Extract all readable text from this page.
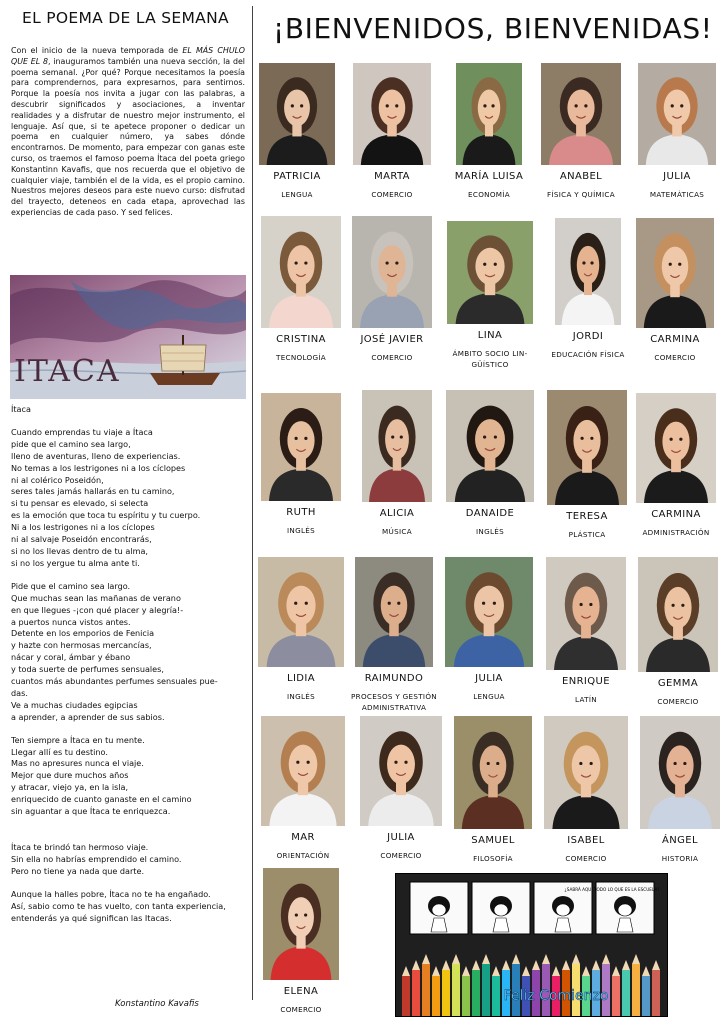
EL POEMA DE LA SEMANA
Con el inicio de la nueva temporada de EL MÁS CHULO QUE EL 8, inauguramos también una nueva sección, la del poema semanal. ¿Por qué? Porque necesitamos la poesía para comprendernos, para expresarnos, para sentirnos. Porque la poesía nos invita a jugar con las palabras, a descubrir significados y asociaciones, a inventar realidades y a disfrutar de nuestro mejor instrumento, el lenguaje. Así que, si te apetece proponer o dedicar un poema en cualquier número, ya sabes dónde encontrarnos. De momento, para empezar con ganas este curso, os traemos el famoso poema Ítaca del poeta griego Konstantinn Kavafis, que nos recuerda que el objetivo de cualquier viaje, también el de la vida, es el propio camino. Nuestros mejores deseos para este nuevo curso: disfrutad del trayecto, deteneos en cada etapa, aprovechad las experiencias de cada paso. Y sed felices.
ITACA
Ítaca
Cuando emprendas tu viaje a Ítaca
pide que el camino sea largo,
lleno de aventuras, lleno de experiencias.
No temas a los lestrigones ni a los cíclopes
ni al colérico Poseidón,
seres tales jamás hallarás en tu camino,
si tu pensar es elevado, si selecta
es la emoción que toca tu espíritu y tu cuerpo.
Ni a los lestrigones ni a los cíclopes
ni al salvaje Poseidón encontrarás,
si no los llevas dentro de tu alma,
si no los yergue tu alma ante ti.
Pide que el camino sea largo.
Que muchas sean las mañanas de verano
en que llegues -¡con qué placer y alegría!-
a puertos nunca vistos antes.
Detente en los emporios de Fenicia
y hazte con hermosas mercancías,
nácar y coral, ámbar y ébano
y toda suerte de perfumes sensuales,
cuantos más abundantes perfumes sensuales pue-
das.
Ve a muchas ciudades egipcias
a aprender, a aprender de sus sabios.
Ten siempre a Ítaca en tu mente.
Llegar allí es tu destino.
Mas no apresures nunca el viaje.
Mejor que dure muchos años
y atracar, viejo ya, en la isla,
enriquecido de cuanto ganaste en el camino
sin aguantar a que Ítaca te enriquezca.
Ítaca te brindó tan hermoso viaje.
Sin ella no habrías emprendido el camino.
Pero no tiene ya nada que darte.
Aunque la halles pobre, Ítaca no te ha engañado.
Así, sabio como te has vuelto, con tanta experiencia,
entenderás ya qué significan las Itacas.
Konstantino Kavafis
¡BIENVENIDOS, BIENVENIDAS!
PATRICIA
LENGUA
MARTA
COMERCIO
MARÍA LUISA
ECONOMÍA
ANABEL
FÍSICA Y QUÍMICA
JULIA
MATEMÁTICAS
CRISTINA
TECNOLOGÍA
JOSÉ JAVIER
COMERCIO
LINA
ÁMBITO SOCIO LIN-
GÜÍSTICO
JORDI
EDUCACIÓN FÍSICA
CARMINA
COMERCIO
RUTH
INGLÉS
ALICIA
MÚSICA
DANAIDE
INGLÉS
TERESA
PLÁSTICA
CARMINA
ADMINISTRACIÓN
LIDIA
INGLÉS
RAIMUNDO
PROCESOS Y GESTIÓN
ADMINISTRATIVA
JULIA
LENGUA
ENRIQUE
LATÍN
GEMMA
COMERCIO
MAR
ORIENTACIÓN
JULIA
COMERCIO
SAMUEL
FILOSOFÍA
ISABEL
COMERCIO
ÁNGEL
HISTORIA
ELENA
COMERCIO
¿SABRÁ AQUÍ TODO LO QUE ES LA ESCUELA?
Feliz Comienzo
